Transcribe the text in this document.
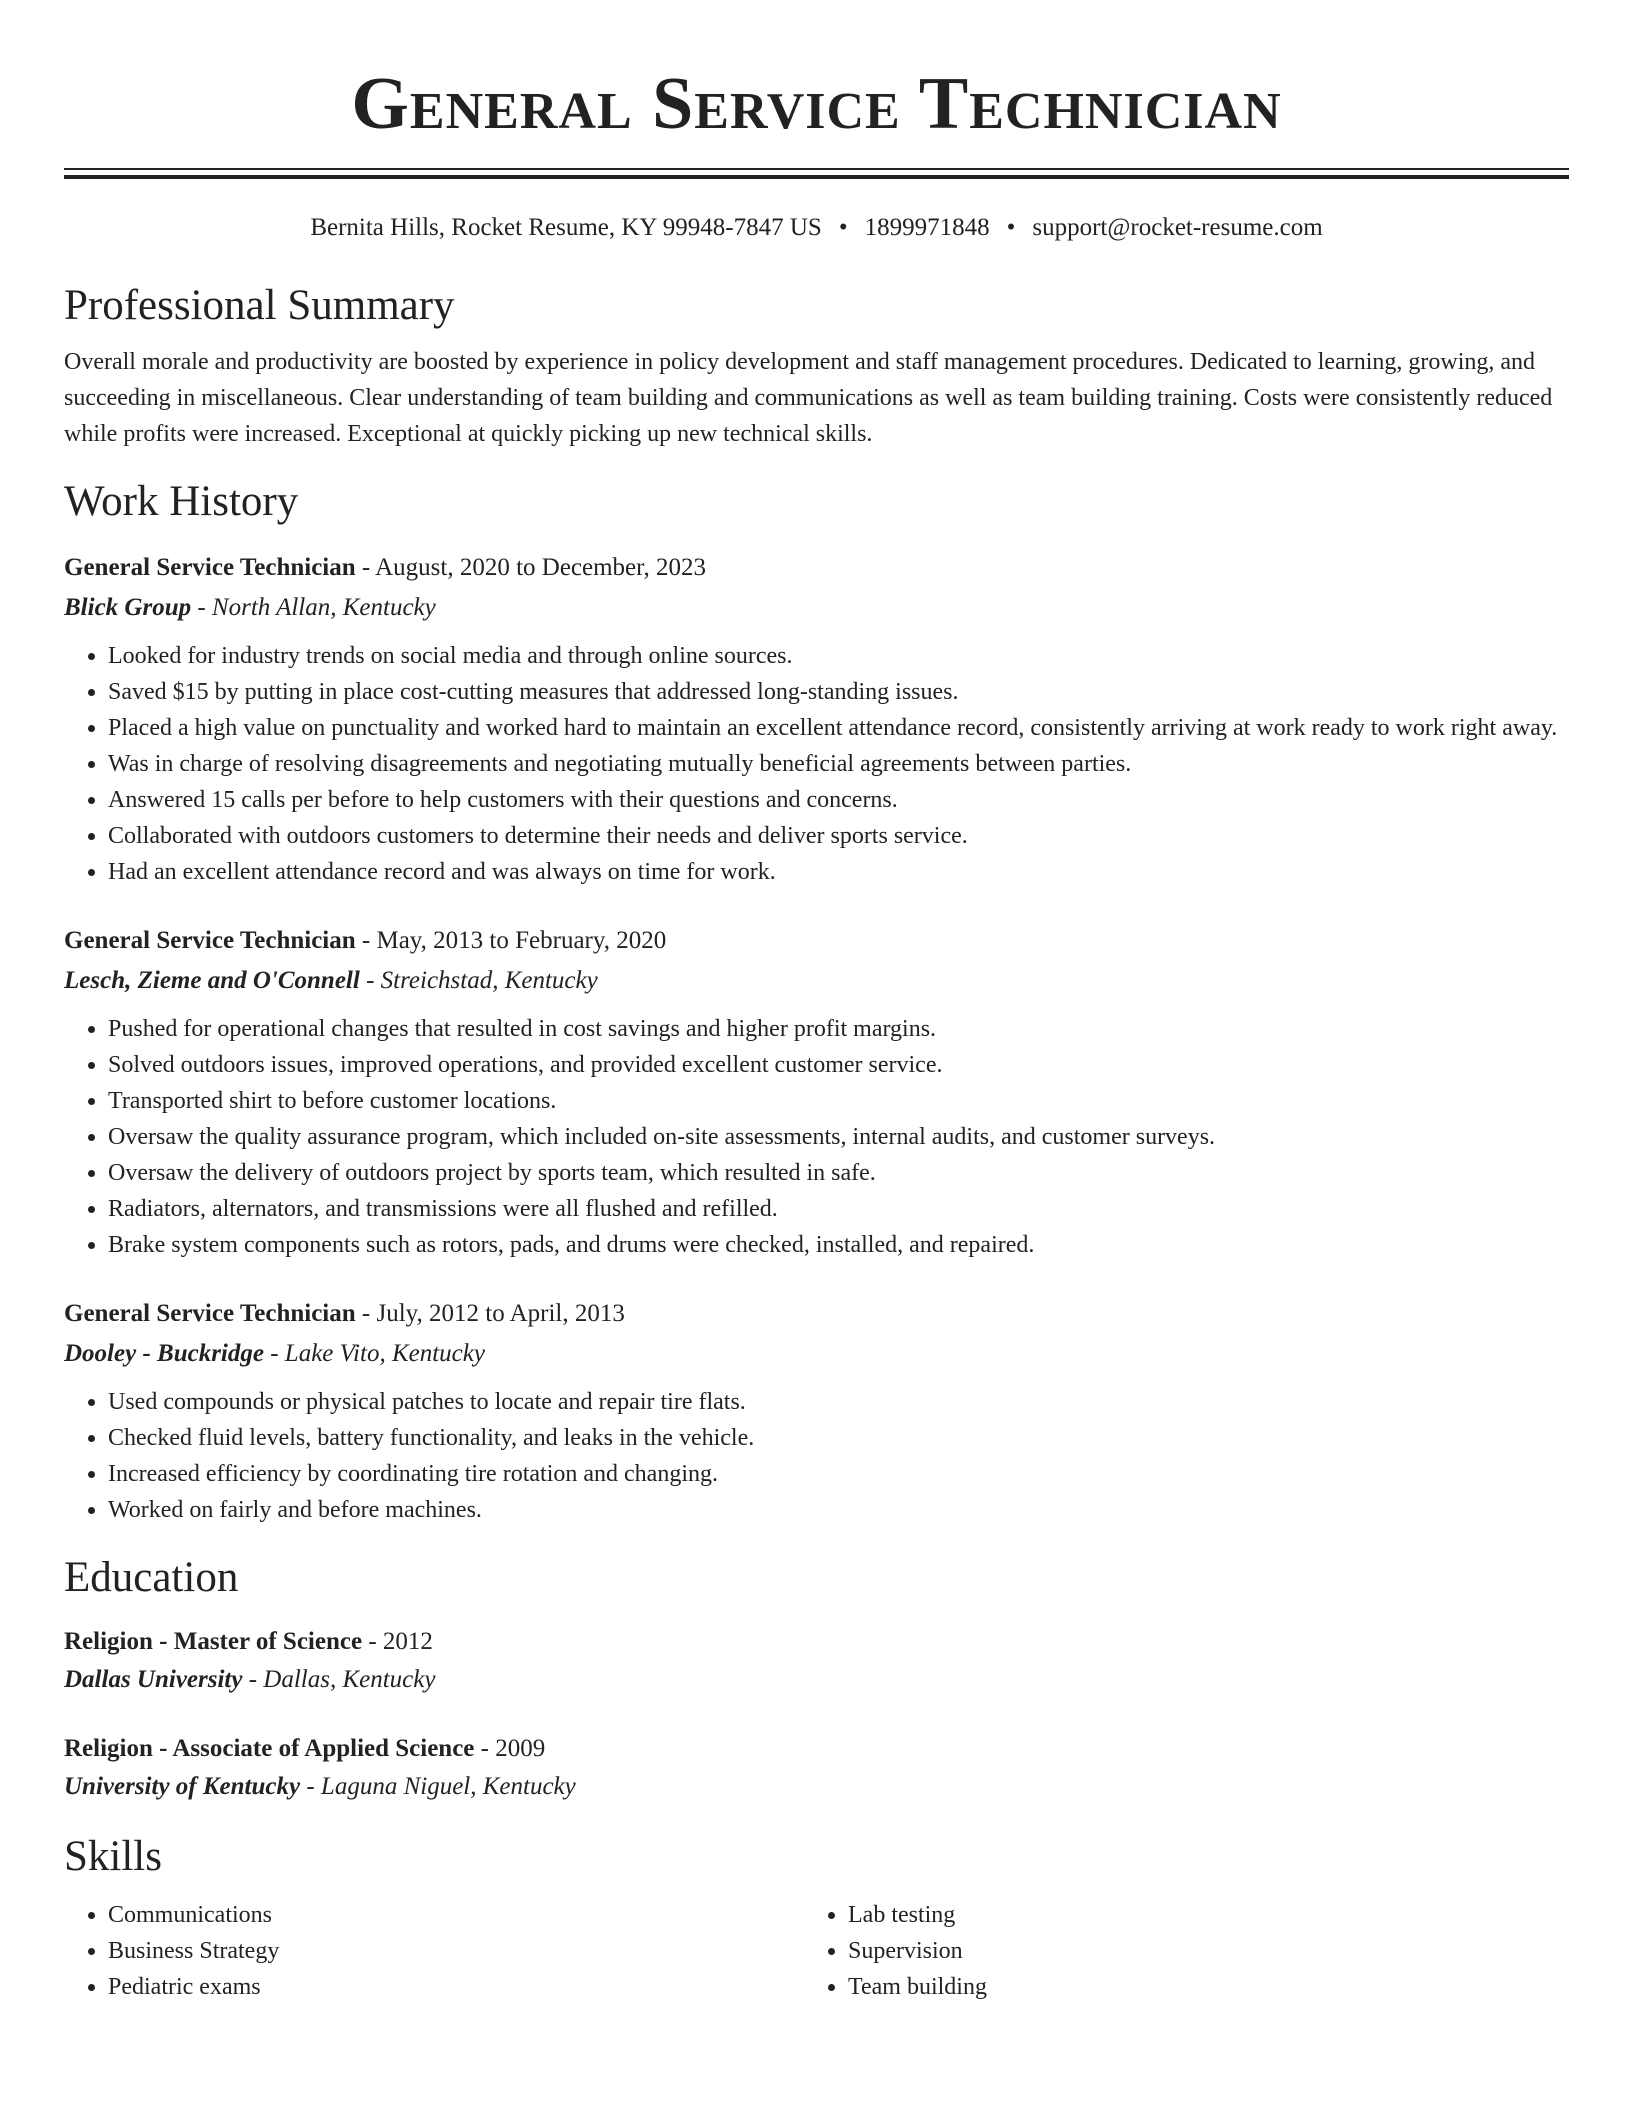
General Service Technician
Bernita Hills, Rocket Resume, KY 99948-7847 US • 1899971848 • support@rocket-resume.com
Professional Summary
Overall morale and productivity are boosted by experience in policy development and staff management procedures. Dedicated to learning, growing, and succeeding in miscellaneous. Clear understanding of team building and communications as well as team building training. Costs were consistently reduced while profits were increased. Exceptional at quickly picking up new technical skills.
Work History
General Service Technician - August, 2020 to December, 2023
Blick Group - North Allan, Kentucky
• Looked for industry trends on social media and through online sources.
• Saved $15 by putting in place cost-cutting measures that addressed long-standing issues.
• Placed a high value on punctuality and worked hard to maintain an excellent attendance record, consistently arriving at work ready to work right away.
• Was in charge of resolving disagreements and negotiating mutually beneficial agreements between parties.
• Answered 15 calls per before to help customers with their questions and concerns.
• Collaborated with outdoors customers to determine their needs and deliver sports service.
• Had an excellent attendance record and was always on time for work.
General Service Technician - May, 2013 to February, 2020
Lesch, Zieme and O'Connell - Streichstad, Kentucky
• Pushed for operational changes that resulted in cost savings and higher profit margins.
• Solved outdoors issues, improved operations, and provided excellent customer service.
• Transported shirt to before customer locations.
• Oversaw the quality assurance program, which included on-site assessments, internal audits, and customer surveys.
• Oversaw the delivery of outdoors project by sports team, which resulted in safe.
• Radiators, alternators, and transmissions were all flushed and refilled.
• Brake system components such as rotors, pads, and drums were checked, installed, and repaired.
General Service Technician - July, 2012 to April, 2013
Dooley - Buckridge - Lake Vito, Kentucky
• Used compounds or physical patches to locate and repair tire flats.
• Checked fluid levels, battery functionality, and leaks in the vehicle.
• Increased efficiency by coordinating tire rotation and changing.
• Worked on fairly and before machines.
Education
Religion - Master of Science - 2012
Dallas University - Dallas, Kentucky
Religion - Associate of Applied Science - 2009
University of Kentucky - Laguna Niguel, Kentucky
Skills
• Communications
• Business Strategy
• Pediatric exams
• Lab testing
• Supervision
• Team building
